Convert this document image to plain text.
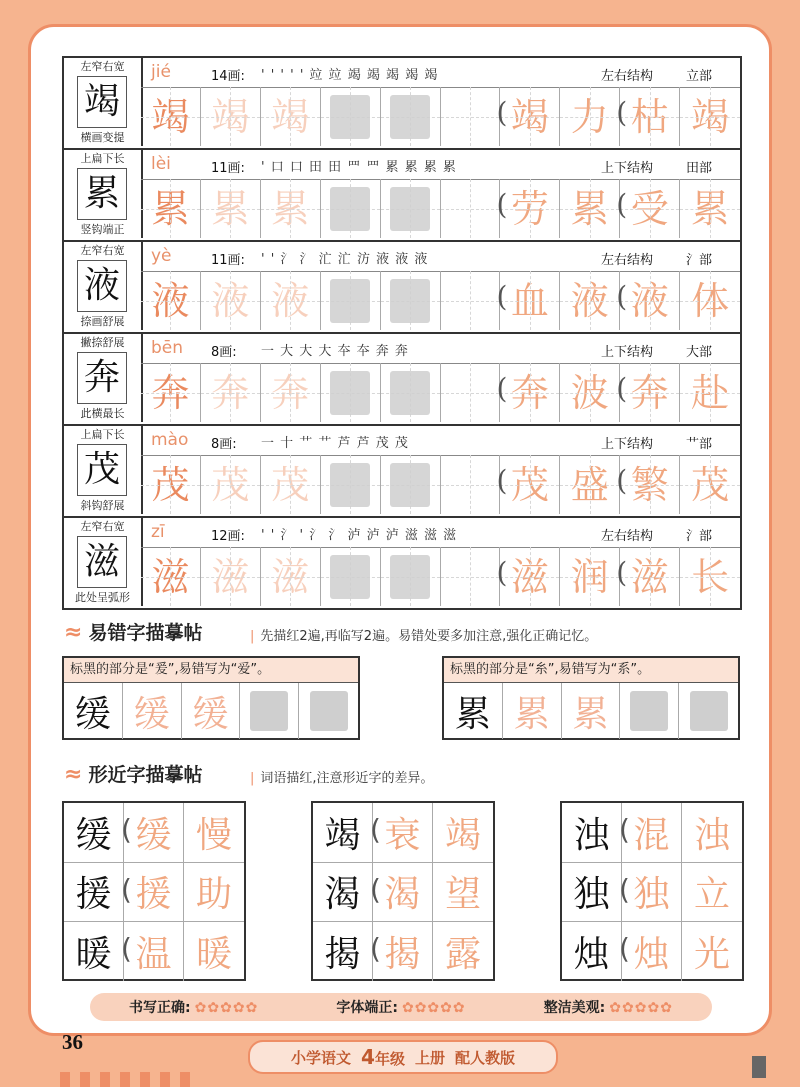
左窄右宽
竭
横画变提
jié	14画: ' ' ' ' ' 竝 竝 竭 竭 竭 竭 竭	左右结构	立部
竭 竭 竭	( 竭 力 ( 枯 竭
上扁下长
累
竖钩端正
lèi	11画: ' 口 口 田 田 罒 罒 累 累 累 累	上下结构	田部
累 累 累	( 劳 累 ( 受 累
左窄右宽
液
捺画舒展
yè	11画: ' ' 氵 氵 汒 汒 汸 液 液 液	左右结构	氵部
液 液 液	( 血 液 ( 液 体
撇捺舒展
奔
此横最长
bēn 8画: 一 大 大 大 夲 夲 奔 奔	上下结构	大部
奔 奔 奔	( 奔 波 ( 奔 赴
上扁下长
茂
斜钩舒展
mào 8画: 一 十 艹 艹 芦 芦 茂 茂	上下结构	艹部
茂 茂 茂	( 茂 盛 ( 繁 茂
左窄右宽
滋
此处呈弧形
zī	12画: ' ' 氵 ' 氵 氵 泸 泸 泸 滋 滋 滋	左右结构	氵部
滋 滋 滋	( 滋 润 ( 滋 长
≈ 易错字描摹帖	| 先描红2遍,再临写2遍。易错处要多加注意,强化正确记忆。
标黑的部分是“爰”,易错写为“爱”。
缓 缓 缓
标黑的部分是“糸”,易错写为“系”。
累 累 累
≈ 形近字描摹帖	| 词语描红,注意形近字的差异。
缓 ( 缓 慢
援 ( 援 助
暖 ( 温 暖
竭 ( 衰 竭
渴 ( 渴 望
揭 ( 揭 露
浊 ( 混 浊
独 ( 独 立
烛 ( 烛 光
书写正确: ✿✿✿✿✿	字体端正: ✿✿✿✿✿	整洁美观: ✿✿✿✿✿
36
小学语文 4年级 上册 配人教版
